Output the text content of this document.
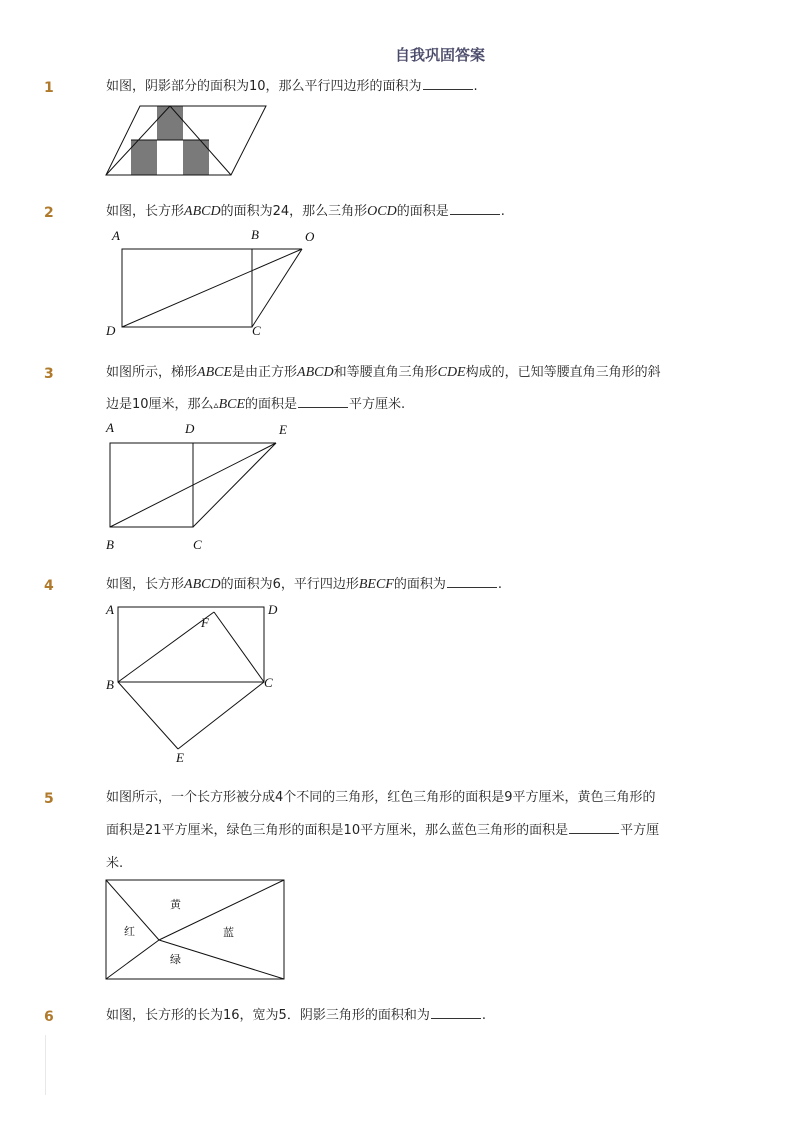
自我巩固答案
1	如图，阴影部分的面积为10，那么平行四边形的面积为	.
2	如图，长方形ABCD的面积为24，那么三角形OCD的面积是	.
A	B	O
D	C
3	如图所示，梯形ABCE是由正方形ABCD和等腰直角三角形CDE构成的，已知等腰直角三角形的斜
边是10厘米，那么▵BCE的面积是	平方厘米.
A	D	E
B	C
4	如图，长方形ABCD的面积为6，平行四边形BECF的面积为	.
A	D
F
B	C
E
5	如图所示，一个长方形被分成4个不同的三角形，红色三角形的面积是9平方厘米，黄色三角形的
面积是21平方厘米，绿色三角形的面积是10平方厘米，那么蓝色三角形的面积是	平方厘
米.
黄
红	蓝
绿
6	如图，长方形的长为16，宽为5．阴影三角形的面积和为	.
